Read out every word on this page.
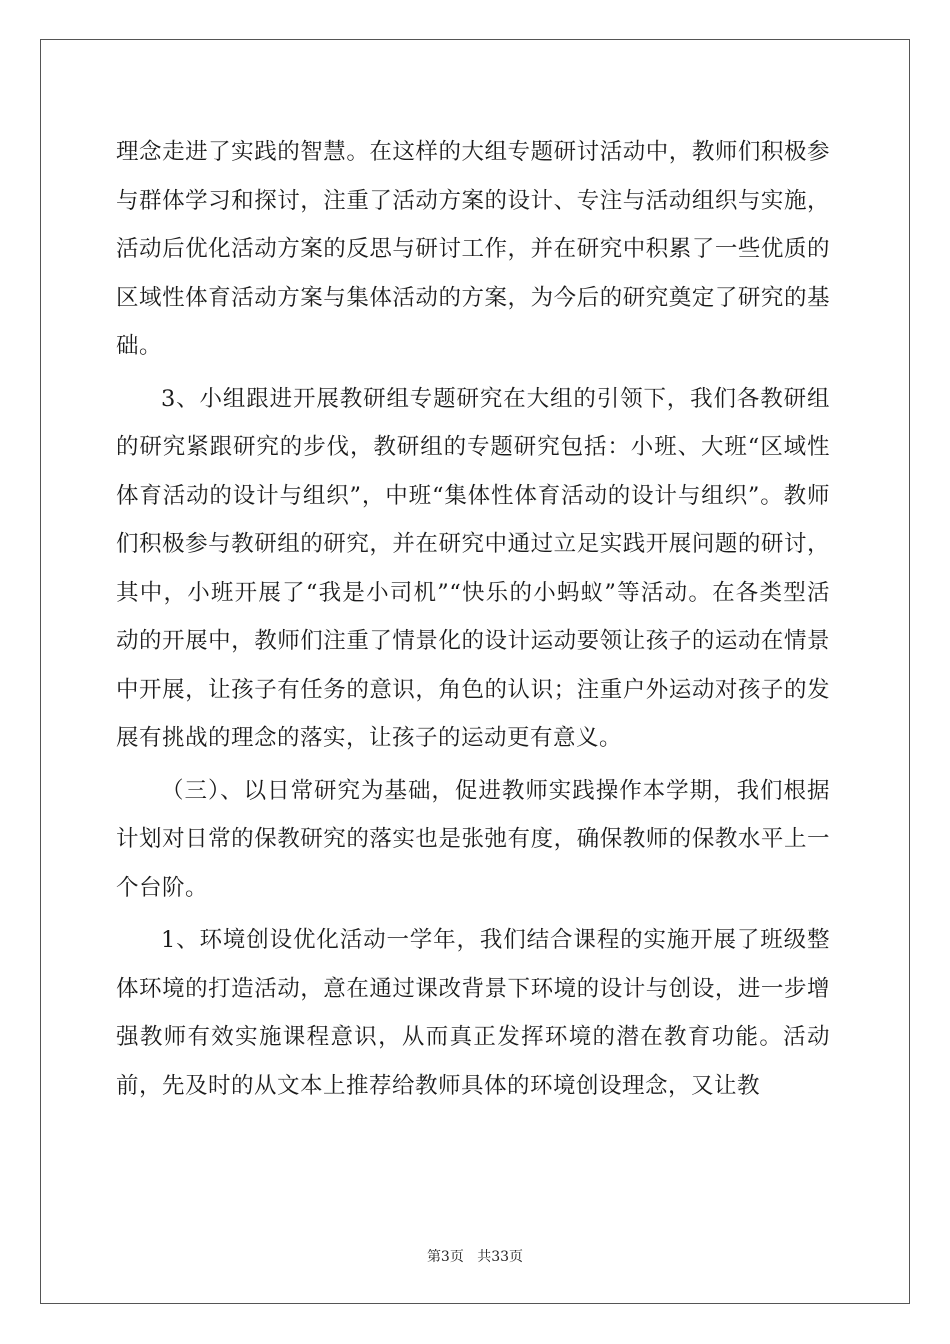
理念走进了实践的智慧。在这样的大组专题研讨活动中，教师们积极参与群体学习和探讨，注重了活动方案的设计、专注与活动组织与实施，活动后优化活动方案的反思与研讨工作，并在研究中积累了一些优质的区域性体育活动方案与集体活动的方案，为今后的研究奠定了研究的基础。

3、小组跟进开展教研组专题研究在大组的引领下，我们各教研组的研究紧跟研究的步伐，教研组的专题研究包括：小班、大班“区域性体育活动的设计与组织”，中班“集体性体育活动的设计与组织”。教师们积极参与教研组的研究，并在研究中通过立足实践开展问题的研讨，其中，小班开展了“我是小司机”“快乐的小蚂蚁”等活动。在各类型活动的开展中，教师们注重了情景化的设计运动要领让孩子的运动在情景中开展，让孩子有任务的意识，角色的认识；注重户外运动对孩子的发展有挑战的理念的落实，让孩子的运动更有意义。

（三）、以日常研究为基础，促进教师实践操作本学期，我们根据计划对日常的保教研究的落实也是张弛有度，确保教师的保教水平上一个台阶。

1、环境创设优化活动一学年，我们结合课程的实施开展了班级整体环境的打造活动，意在通过课改背景下环境的设计与创设，进一步增强教师有效实施课程意识，从而真正发挥环境的潜在教育功能。活动前，先及时的从文本上推荐给教师具体的环境创设理念，又让教

第3页 共33页
